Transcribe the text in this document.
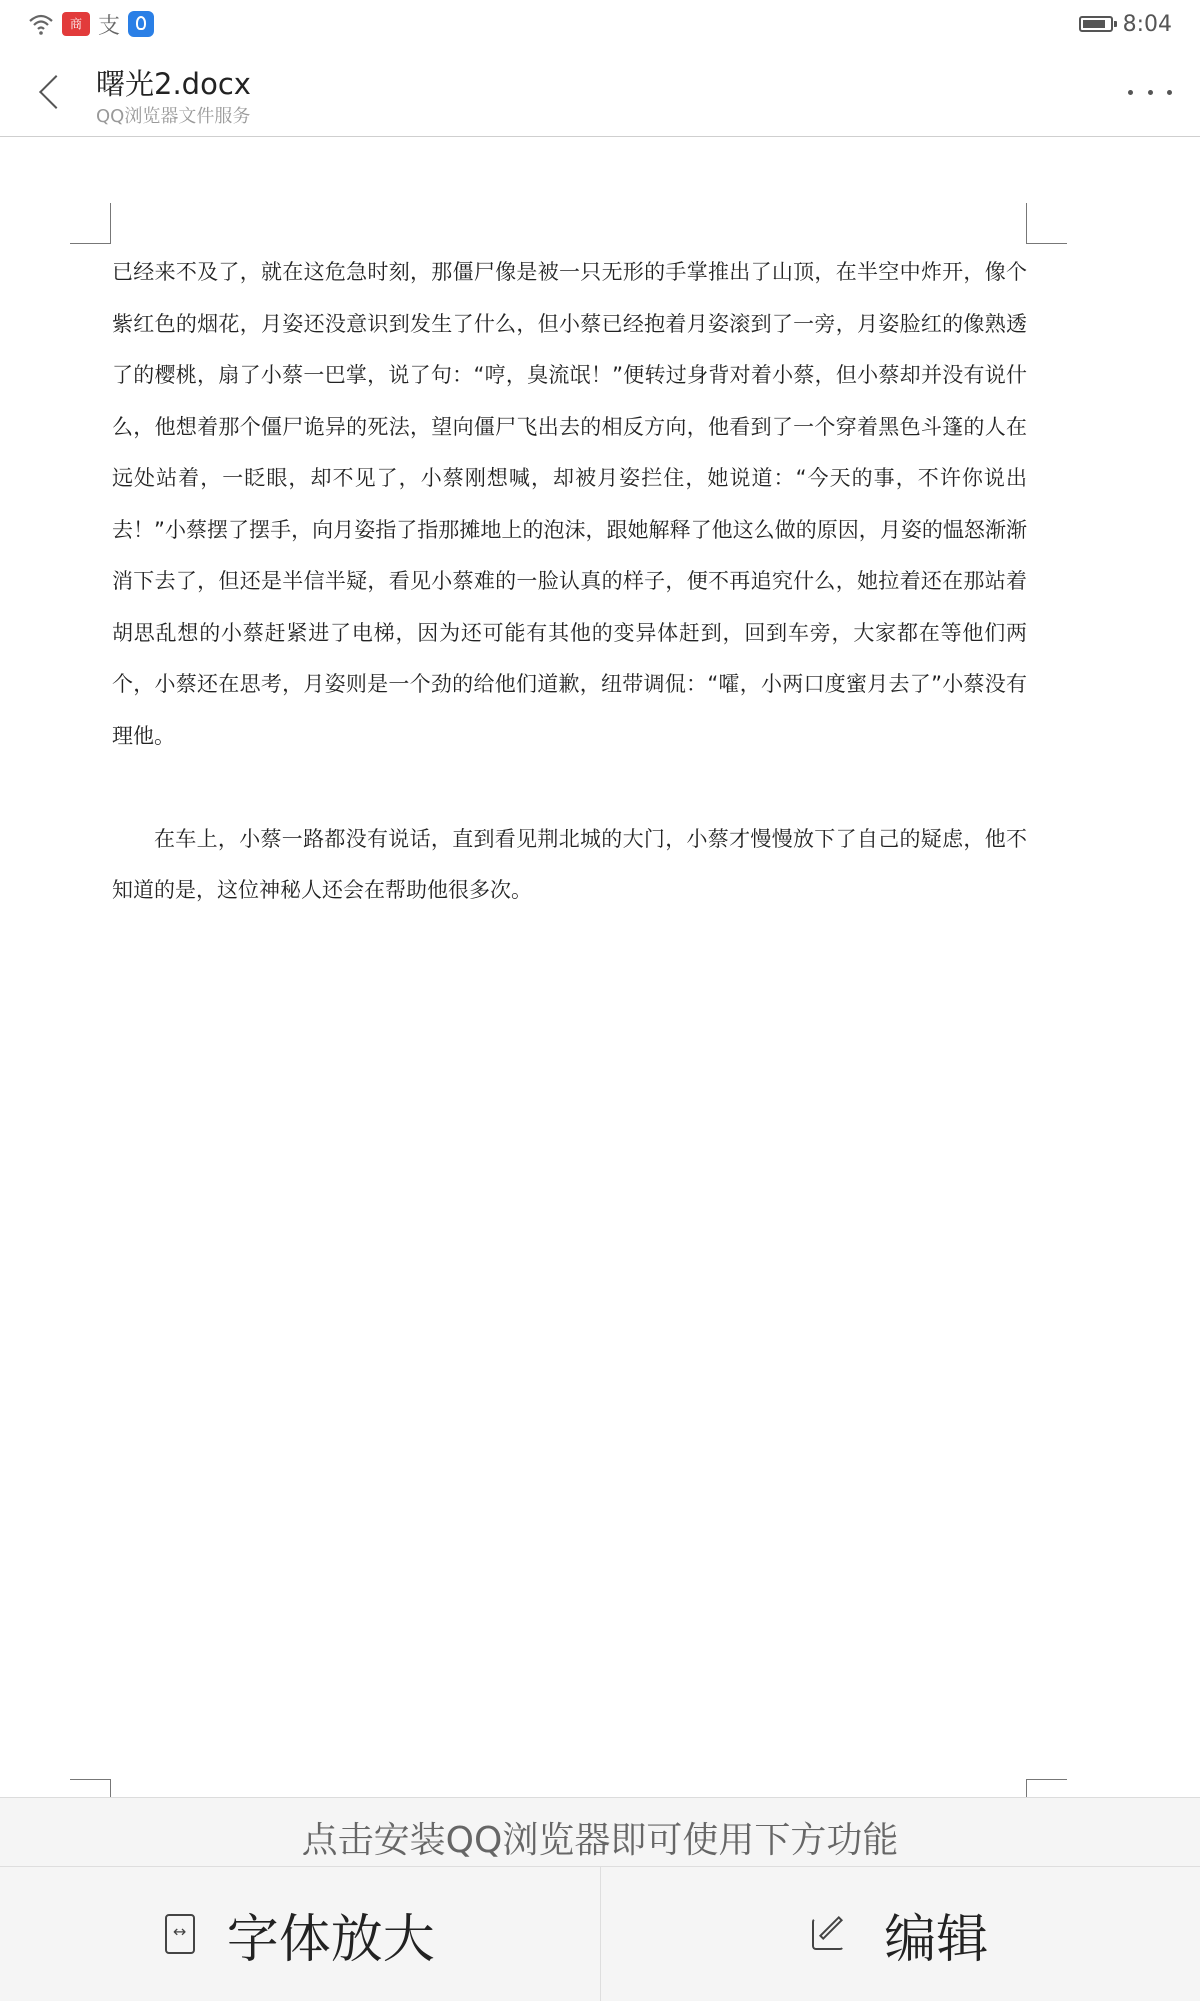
商 支	8:04
曙光2.docx
QQ浏览器文件服务

已经来不及了，就在这危急时刻，那僵尸像是被一只无形的手掌推出了山顶，在半空中炸开，像个紫红色的烟花，月姿还没意识到发生了什么，但小蔡已经抱着月姿滚到了一旁，月姿脸红的像熟透了的樱桃，扇了小蔡一巴掌，说了句：“哼，臭流氓！”便转过身背对着小蔡，但小蔡却并没有说什么，他想着那个僵尸诡异的死法，望向僵尸飞出去的相反方向，他看到了一个穿着黑色斗篷的人在远处站着，一眨眼，却不见了，小蔡刚想喊，却被月姿拦住，她说道：“今天的事，不许你说出去！”小蔡摆了摆手，向月姿指了指那摊地上的泡沫，跟她解释了他这么做的原因，月姿的愠怒渐渐消下去了，但还是半信半疑，看见小蔡难的一脸认真的样子，便不再追究什么，她拉着还在那站着胡思乱想的小蔡赶紧进了电梯，因为还可能有其他的变异体赶到，回到车旁，大家都在等他们两个，小蔡还在思考，月姿则是一个劲的给他们道歉，纽带调侃：“嚯，小两口度蜜月去了”小蔡没有理他。

在车上，小蔡一路都没有说话，直到看见荆北城的大门，小蔡才慢慢放下了自己的疑虑，他不知道的是，这位神秘人还会在帮助他很多次。

点击安装QQ浏览器即可使用下方功能
↔
字体放大	编辑
